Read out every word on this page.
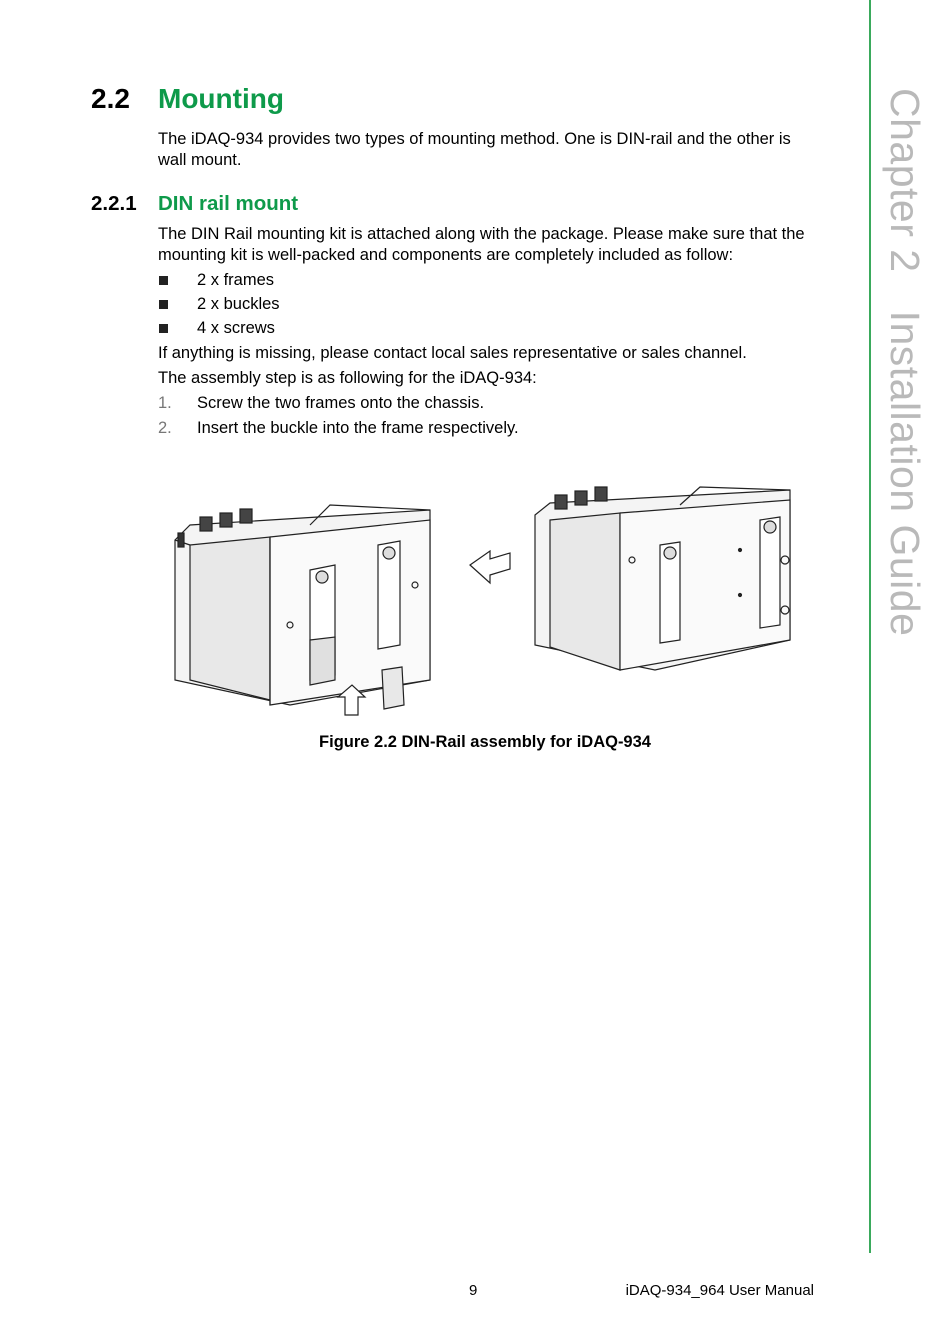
Chapter 2Installation Guide
2.2 Mounting
The iDAQ-934 provides two types of mounting method. One is DIN-rail and the other is wall mount.
2.2.1 DIN rail mount
The DIN Rail mounting kit is attached along with the package. Please make sure that the mounting kit is well-packed and components are completely included as follow:
2 x frames
2 x buckles
4 x screws
If anything is missing, please contact local sales representative or sales channel.
The assembly step is as following for the iDAQ-934:
1. Screw the two frames onto the chassis.
2. Insert the buckle into the frame respectively.
Figure 2.2 DIN-Rail assembly for iDAQ-934
9	iDAQ-934_964 User Manual
